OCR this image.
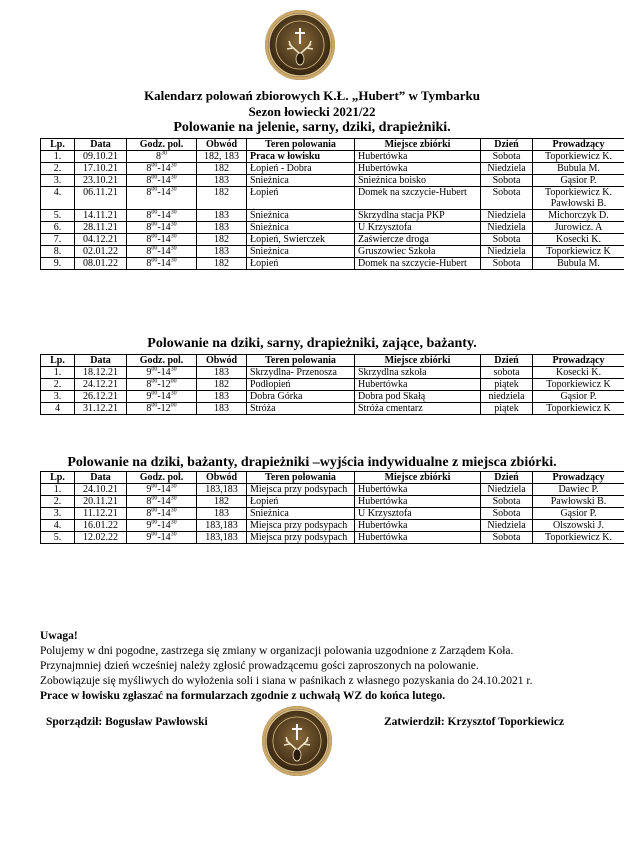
Kalendarz polowań zbiorowych K.Ł. „Hubert” w Tymbarku
Sezon łowiecki 2021/22
Polowanie na jelenie, sarny, dziki, drapieżniki.
Lp.	Data	Godz. pol.	Obwód	Teren polowania	Miejsce zbiórki	Dzień	Prowadzący
1.	09.10.21	$8^{30}$	182, 183	Praca w łowisku	Hubertówka	Sobota	Toporkiewicz K.
2.	17.10.21	$8^{00}-14^{30}$	182	Łopień - Dobra	Hubertówka	Niedziela	Bubula M.
3.	23.10.21	$8^{00}-14^{30}$	183	Śnieżnica	Śnieżnica boisko	Sobota	Gąsior P.
4.	06.11.21	$8^{00}-14^{30}$	182	Łopień	Domek na szczycie-Hubert	Sobota	Toporkiewicz K. Pawłowski B.
5.	14.11.21	$8^{00}-14^{30}$	183	Śnieżnica	Skrzydlna stacja PKP	Niedziela	Michorczyk D.
6.	28.11.21	$8^{00}-14^{30}$	183	Śnieżnica	U Krzysztofa	Niedziela	Jurowicz. A
7.	04.12.21	$8^{00}-14^{30}$	182	Łopień, Swierczek	Zaświercze droga	Sobota	Kosecki K.
8.	02.01.22	$8^{00}-14^{30}$	183	Śnieżnica	Gruszowiec Szkoła	Niedziela	Toporkiewicz K
9.	08.01.22	$8^{00}-14^{30}$	182	Łopień	Domek na szczycie-Hubert	Sobota	Bubula M.
Polowanie na dziki, sarny, drapieżniki, zające, bażanty.
Lp.	Data	Godz. pol.	Obwód	Teren polowania	Miejsce zbiórki	Dzień	Prowadzący
1.	18.12.21	$9^{00}-14^{30}$	183	Skrzydlna- Przenosza	Skrzydlna szkoła	sobota	Kosecki K.
2.	24.12.21	$8^{00}-12^{00}$	182	Podłopień	Hubertówka	piątek	Toporkiewicz K
3.	26.12.21	$9^{00}-14^{30}$	183	Dobra Górka	Dobra pod Skałą	niedziela	Gąsior P.
4	31.12.21	$8^{00}-12^{00}$	183	Stróża	Stróża cmentarz	piątek	Toporkiewicz K
Polowanie na dziki, bażanty, drapieżniki –wyjścia indywidualne z miejsca zbiórki.
Lp.	Data	Godz. pol.	Obwód	Teren polowania	Miejsce zbiórki	Dzień	Prowadzący
1.	24.10.21	$9^{00}-14^{30}$	183,183	Miejsca przy podsypach	Hubertówka	Niedziela	Dawiec P.
2.	20.11.21	$8^{00}-14^{30}$	182	Łopień	Hubertówka	Sobota	Pawłowski B.
3.	11.12.21	$8^{00}-14^{30}$	183	Śnieżnica	U Krzysztofa	Sobota	Gąsior P.
4.	16.01.22	$9^{00}-14^{30}$	183,183	Miejsca przy podsypach	Hubertówka	Niedziela	Olszowski J.
5.	12.02.22	$9^{00}-14^{30}$	183,183	Miejsca przy podsypach	Hubertówka	Sobota	Toporkiewicz K.
Uwaga!
Polujemy w dni pogodne, zastrzega się zmiany w organizacji polowania uzgodnione z Zarządem Koła.
Przynajmniej dzień wcześniej należy zgłosić prowadzącemu gości zaproszonych na polowanie.
Zobowiązuje się myśliwych do wyłożenia soli i siana w paśnikach z własnego pozyskania do 24.10.2021 r.
Prace w łowisku zgłaszać na formularzach zgodnie z uchwałą WZ do końca lutego.
Sporządził: Bogusław Pawłowski	Zatwierdził: Krzysztof Toporkiewicz
